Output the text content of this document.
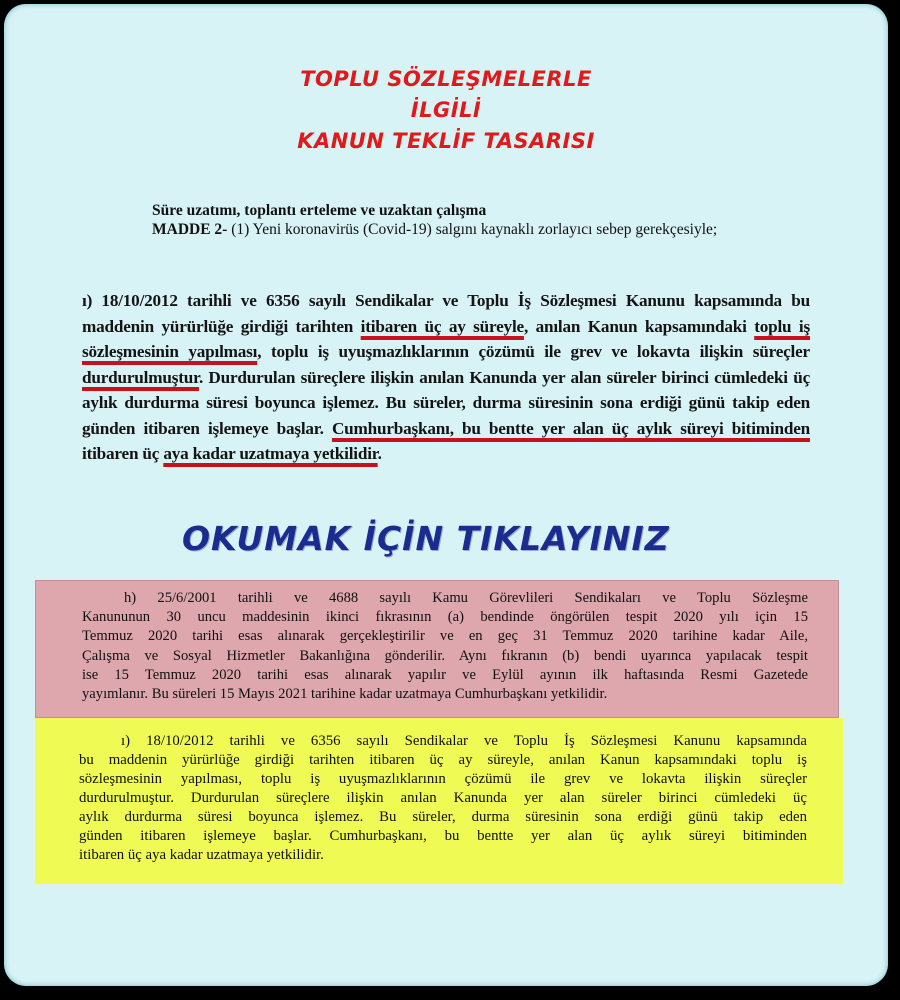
TOPLU SÖZLEŞMELERLE
İLGİLİ
KANUN TEKLİF TASARISI
Süre uzatımı, toplantı erteleme ve uzaktan çalışma
MADDE 2- (1) Yeni koronavirüs (Covid-19) salgını kaynaklı zorlayıcı sebep gerekçesiyle;
ı) 18/10/2012 tarihli ve 6356 sayılı Sendikalar ve Toplu İş Sözleşmesi Kanunu kapsamında bu maddenin yürürlüğe girdiği tarihten itibaren üç ay süreyle, anılan Kanun kapsamındaki toplu iş sözleşmesinin yapılması, toplu iş uyuşmazlıklarının çözümü ile grev ve lokavta ilişkin süreçler durdurulmuştur. Durdurulan süreçlere ilişkin anılan Kanunda yer alan süreler birinci cümledeki üç aylık durdurma süresi boyunca işlemez. Bu süreler, durma süresinin sona erdiği günü takip eden günden itibaren işlemeye başlar. Cumhurbaşkanı, bu bentte yer alan üç aylık süreyi bitiminden itibaren üç aya kadar uzatmaya yetkilidir.
OKUMAK İÇİN TIKLAYINIZ
h) 25/6/2001 tarihli ve 4688 sayılı Kamu Görevlileri Sendikaları ve Toplu Sözleşme
Kanununun 30 uncu maddesinin ikinci fıkrasının (a) bendinde öngörülen tespit 2020 yılı için 15
Temmuz 2020 tarihi esas alınarak gerçekleştirilir ve en geç 31 Temmuz 2020 tarihine kadar Aile,
Çalışma ve Sosyal Hizmetler Bakanlığına gönderilir. Aynı fıkranın (b) bendi uyarınca yapılacak tespit
ise 15 Temmuz 2020 tarihi esas alınarak yapılır ve Eylül ayının ilk haftasında Resmi Gazetede
yayımlanır. Bu süreleri 15 Mayıs 2021 tarihine kadar uzatmaya Cumhurbaşkanı yetkilidir.
ı) 18/10/2012 tarihli ve 6356 sayılı Sendikalar ve Toplu İş Sözleşmesi Kanunu kapsamında
bu maddenin yürürlüğe girdiği tarihten itibaren üç ay süreyle, anılan Kanun kapsamındaki toplu iş
sözleşmesinin yapılması, toplu iş uyuşmazlıklarının çözümü ile grev ve lokavta ilişkin süreçler
durdurulmuştur. Durdurulan süreçlere ilişkin anılan Kanunda yer alan süreler birinci cümledeki üç
aylık durdurma süresi boyunca işlemez. Bu süreler, durma süresinin sona erdiği günü takip eden
günden itibaren işlemeye başlar. Cumhurbaşkanı, bu bentte yer alan üç aylık süreyi bitiminden
itibaren üç aya kadar uzatmaya yetkilidir.
